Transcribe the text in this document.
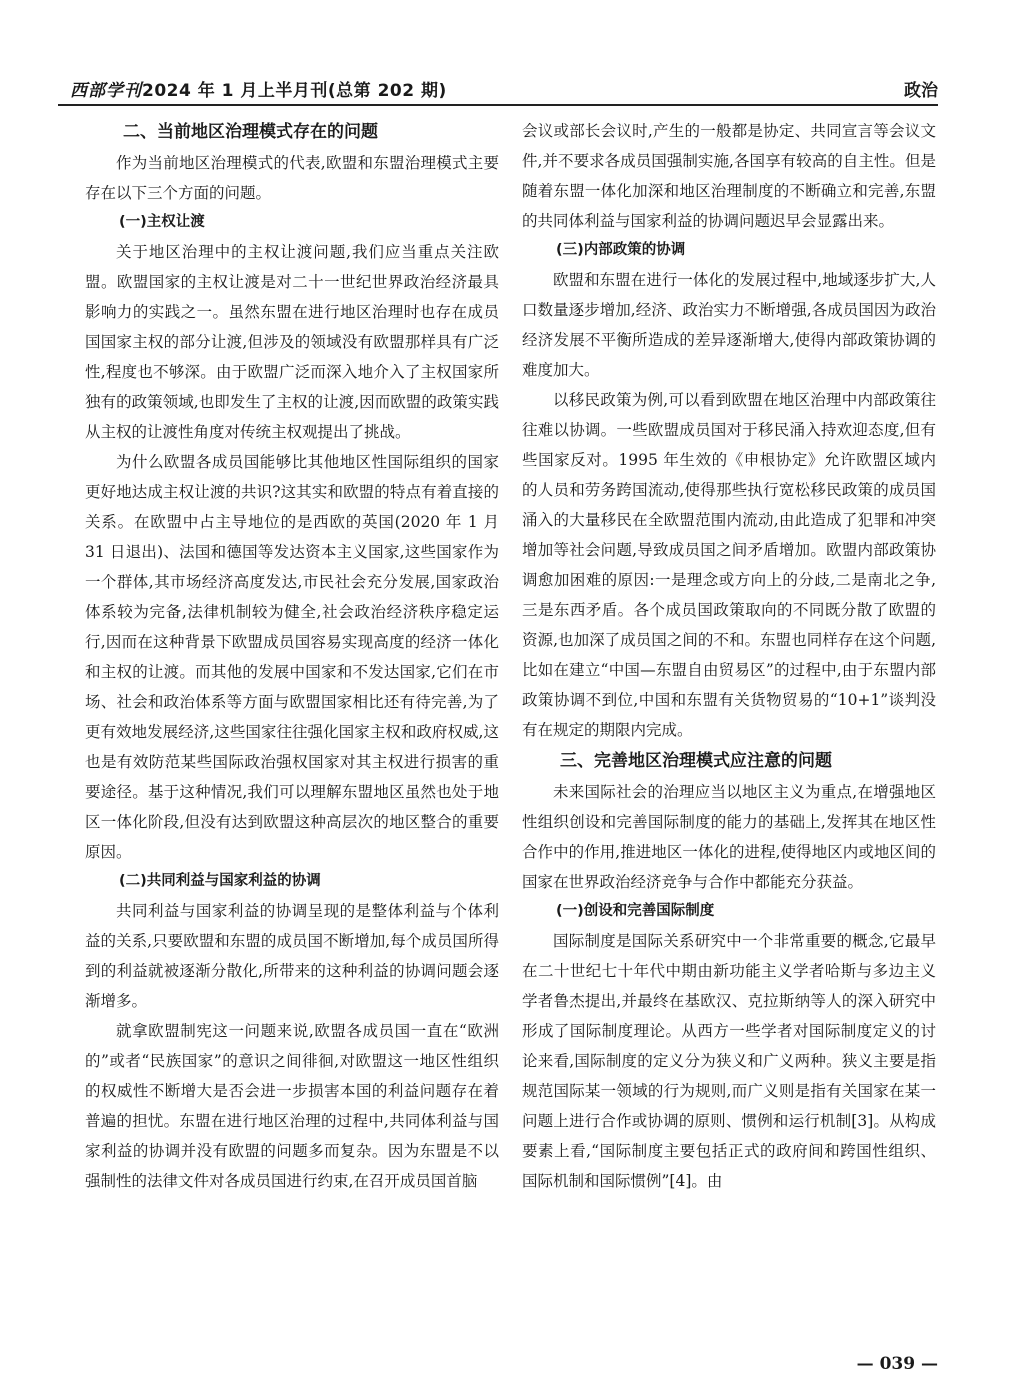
西部学刊2024 年 1 月上半月刊(总第 202 期)	政治
二、当前地区治理模式存在的问题

作为当前地区治理模式的代表,欧盟和东盟治理模式主要存在以下三个方面的问题。

(一)主权让渡

关于地区治理中的主权让渡问题,我们应当重点关注欧盟。欧盟国家的主权让渡是对二十一世纪世界政治经济最具影响力的实践之一。虽然东盟在进行地区治理时也存在成员国国家主权的部分让渡,但涉及的领域没有欧盟那样具有广泛性,程度也不够深。由于欧盟广泛而深入地介入了主权国家所独有的政策领域,也即发生了主权的让渡,因而欧盟的政策实践从主权的让渡性角度对传统主权观提出了挑战。

为什么欧盟各成员国能够比其他地区性国际组织的国家更好地达成主权让渡的共识?这其实和欧盟的特点有着直接的关系。在欧盟中占主导地位的是西欧的英国(2020 年 1 月 31 日退出)、法国和德国等发达资本主义国家,这些国家作为一个群体,其市场经济高度发达,市民社会充分发展,国家政治体系较为完备,法律机制较为健全,社会政治经济秩序稳定运行,因而在这种背景下欧盟成员国容易实现高度的经济一体化和主权的让渡。而其他的发展中国家和不发达国家,它们在市场、社会和政治体系等方面与欧盟国家相比还有待完善,为了更有效地发展经济,这些国家往往强化国家主权和政府权威,这也是有效防范某些国际政治强权国家对其主权进行损害的重要途径。基于这种情况,我们可以理解东盟地区虽然也处于地区一体化阶段,但没有达到欧盟这种高层次的地区整合的重要原因。

(二)共同利益与国家利益的协调

共同利益与国家利益的协调呈现的是整体利益与个体利益的关系,只要欧盟和东盟的成员国不断增加,每个成员国所得到的利益就被逐渐分散化,所带来的这种利益的协调问题会逐渐增多。

就拿欧盟制宪这一问题来说,欧盟各成员国一直在“欧洲的”或者“民族国家”的意识之间徘徊,对欧盟这一地区性组织的权威性不断增大是否会进一步损害本国的利益问题存在着普遍的担忧。东盟在进行地区治理的过程中,共同体利益与国家利益的协调并没有欧盟的问题多而复杂。因为东盟是不以强制性的法律文件对各成员国进行约束,在召开成员国首脑

会议或部长会议时,产生的一般都是协定、共同宣言等会议文件,并不要求各成员国强制实施,各国享有较高的自主性。但是随着东盟一体化加深和地区治理制度的不断确立和完善,东盟的共同体利益与国家利益的协调问题迟早会显露出来。

(三)内部政策的协调

欧盟和东盟在进行一体化的发展过程中,地域逐步扩大,人口数量逐步增加,经济、政治实力不断增强,各成员国因为政治经济发展不平衡所造成的差异逐渐增大,使得内部政策协调的难度加大。

以移民政策为例,可以看到欧盟在地区治理中内部政策往往难以协调。一些欧盟成员国对于移民涌入持欢迎态度,但有些国家反对。1995 年生效的《申根协定》允许欧盟区域内的人员和劳务跨国流动,使得那些执行宽松移民政策的成员国涌入的大量移民在全欧盟范围内流动,由此造成了犯罪和冲突增加等社会问题,导致成员国之间矛盾增加。欧盟内部政策协调愈加困难的原因:一是理念或方向上的分歧,二是南北之争,三是东西矛盾。各个成员国政策取向的不同既分散了欧盟的资源,也加深了成员国之间的不和。东盟也同样存在这个问题,比如在建立“中国—东盟自由贸易区”的过程中,由于东盟内部政策协调不到位,中国和东盟有关货物贸易的“10+1”谈判没有在规定的期限内完成。

三、完善地区治理模式应注意的问题

未来国际社会的治理应当以地区主义为重点,在增强地区性组织创设和完善国际制度的能力的基础上,发挥其在地区性合作中的作用,推进地区一体化的进程,使得地区内或地区间的国家在世界政治经济竞争与合作中都能充分获益。

(一)创设和完善国际制度

国际制度是国际关系研究中一个非常重要的概念,它最早在二十世纪七十年代中期由新功能主义学者哈斯与多边主义学者鲁杰提出,并最终在基欧汉、克拉斯纳等人的深入研究中形成了国际制度理论。从西方一些学者对国际制度定义的讨论来看,国际制度的定义分为狭义和广义两种。狭义主要是指规范国际某一领域的行为规则,而广义则是指有关国家在某一问题上进行合作或协调的原则、惯例和运行机制[3]。从构成要素上看,“国际制度主要包括正式的政府间和跨国性组织、国际机制和国际惯例”[4]。由

— 039 —
